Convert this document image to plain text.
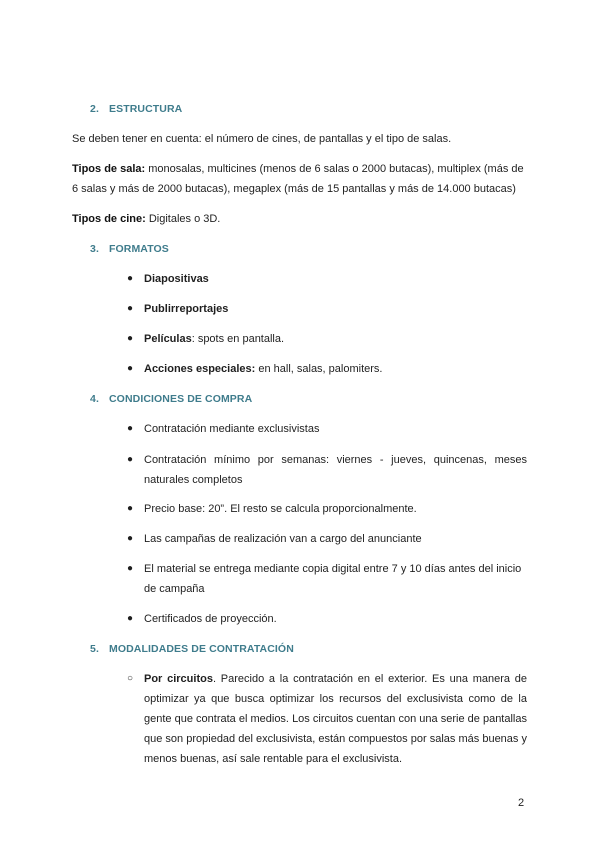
2. ESTRUCTURA
Se deben tener en cuenta: el número de cines, de pantallas y el tipo de salas.
Tipos de sala: monosalas, multicines (menos de 6 salas o 2000 butacas), multiplex (más de 6 salas y más de 2000 butacas), megaplex (más de 15 pantallas y más de 14.000 butacas)
Tipos de cine: Digitales o 3D.
3. FORMATOS
● Diapositivas
● Publirreportajes
● Películas: spots en pantalla.
● Acciones especiales: en hall, salas, palomiters.
4. CONDICIONES DE COMPRA
● Contratación mediante exclusivistas
● Contratación mínimo por semanas: viernes - jueves, quincenas, meses naturales completos
● Precio base: 20”. El resto se calcula proporcionalmente.
● Las campañas de realización van a cargo del anunciante
● El material se entrega mediante copia digital entre 7 y 10 días antes del inicio de campaña
● Certificados de proyección.
5. MODALIDADES DE CONTRATACIÓN
○ Por circuitos. Parecido a la contratación en el exterior. Es una manera de optimizar ya que busca optimizar los recursos del exclusivista como de la gente que contrata el medios. Los circuitos cuentan con una serie de pantallas que son propiedad del exclusivista, están compuestos por salas más buenas y menos buenas, así sale rentable para el exclusivista.
2
